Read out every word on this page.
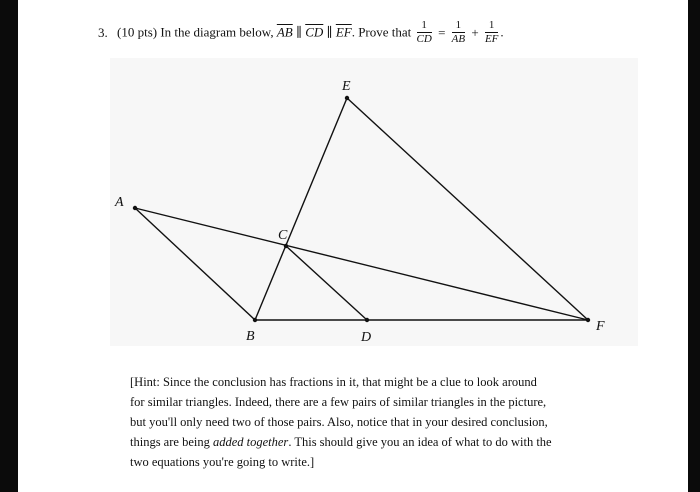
3. (10 pts) In the diagram below, $\overline{AB}$ ∥ $\overline{CD}$ ∥ $\overline{EF}$. Prove that $\frac{1}{CD} = \frac{1}{AB} + \frac{1}{EF}$ .
A
B
C
D
E
F
[Hint: Since the conclusion has fractions in it, that might be a clue to look around
for similar triangles. Indeed, there are a few pairs of similar triangles in the picture,
but you'll only need two of those pairs. Also, notice that in your desired conclusion,
things are being added together. This should give you an idea of what to do with the
two equations you're going to write.]
